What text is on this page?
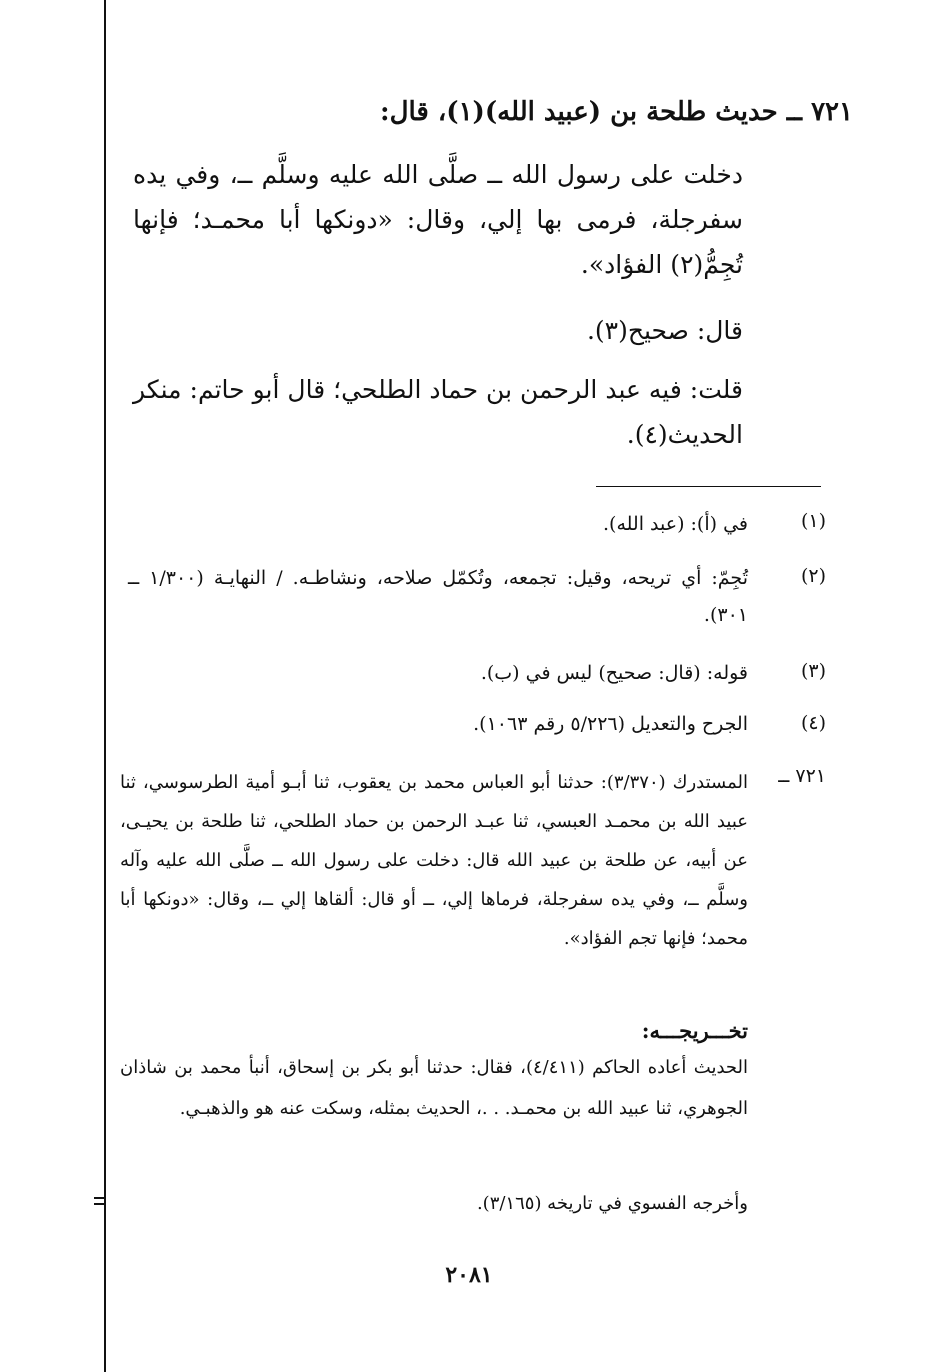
٧٢١ ــ حديث طلحة بن (عبيد الله)(١)، قال:
دخلت على رسول الله ــ صلَّى الله عليه وسلَّم ــ، وفي يده سفرجلة، فرمى بها إلي، وقال: «دونكها أبا محمـد؛ فإنها تُجِمُّ(٢) الفؤاد».
قال: صحيح(٣).
قلت: فيه عبد الرحمن بن حماد الطلحي؛ قال أبو حاتم: منكر الحديث(٤).
(١)
في (أ): (عبد الله).
(٢)
تُجِمّ: أي تريحه، وقيل: تجمعه، وتُكمّل صلاحه، ونشاطـه. / النهايـة (١/٣٠٠ ــ ٣٠١).
(٣)
قوله: (قال: صحيح) ليس في (ب).
(٤)
الجرح والتعديل (٥/٢٢٦ رقم ١٠٦٣).
٧٢١ ــ
المستدرك (٣/٣٧٠): حدثنا أبو العباس محمد بن يعقوب، ثنا أبـو أمية الطرسوسي، ثنا عبيد الله بن محمـد العبسي، ثنا عبـد الرحمن بن حماد الطلحي، ثنا طلحة بن يحيـى، عن أبيه، عن طلحة بن عبيد الله قال: دخلت على رسول الله ــ صلَّى الله عليه وآله وسلَّم ــ، وفي يده سفرجلة، فرماها إلي، ــ أو قال: ألقاها إلي ــ، وقال: «دونكها أبا محمد؛ فإنها تجم الفؤاد».
تخـــريجـــه:
الحديث أعاده الحاكم (٤/٤١١)، فقال: حدثنا أبو بكر بن إسحاق، أنبأ محمد بن شاذان الجوهري، ثنا عبيد الله بن محمـد. . .، الحديث بمثله، وسكت عنه هو والذهبـي.
وأخرجه الفسوي في تاريخه (٣/١٦٥).
٢٠٨١
